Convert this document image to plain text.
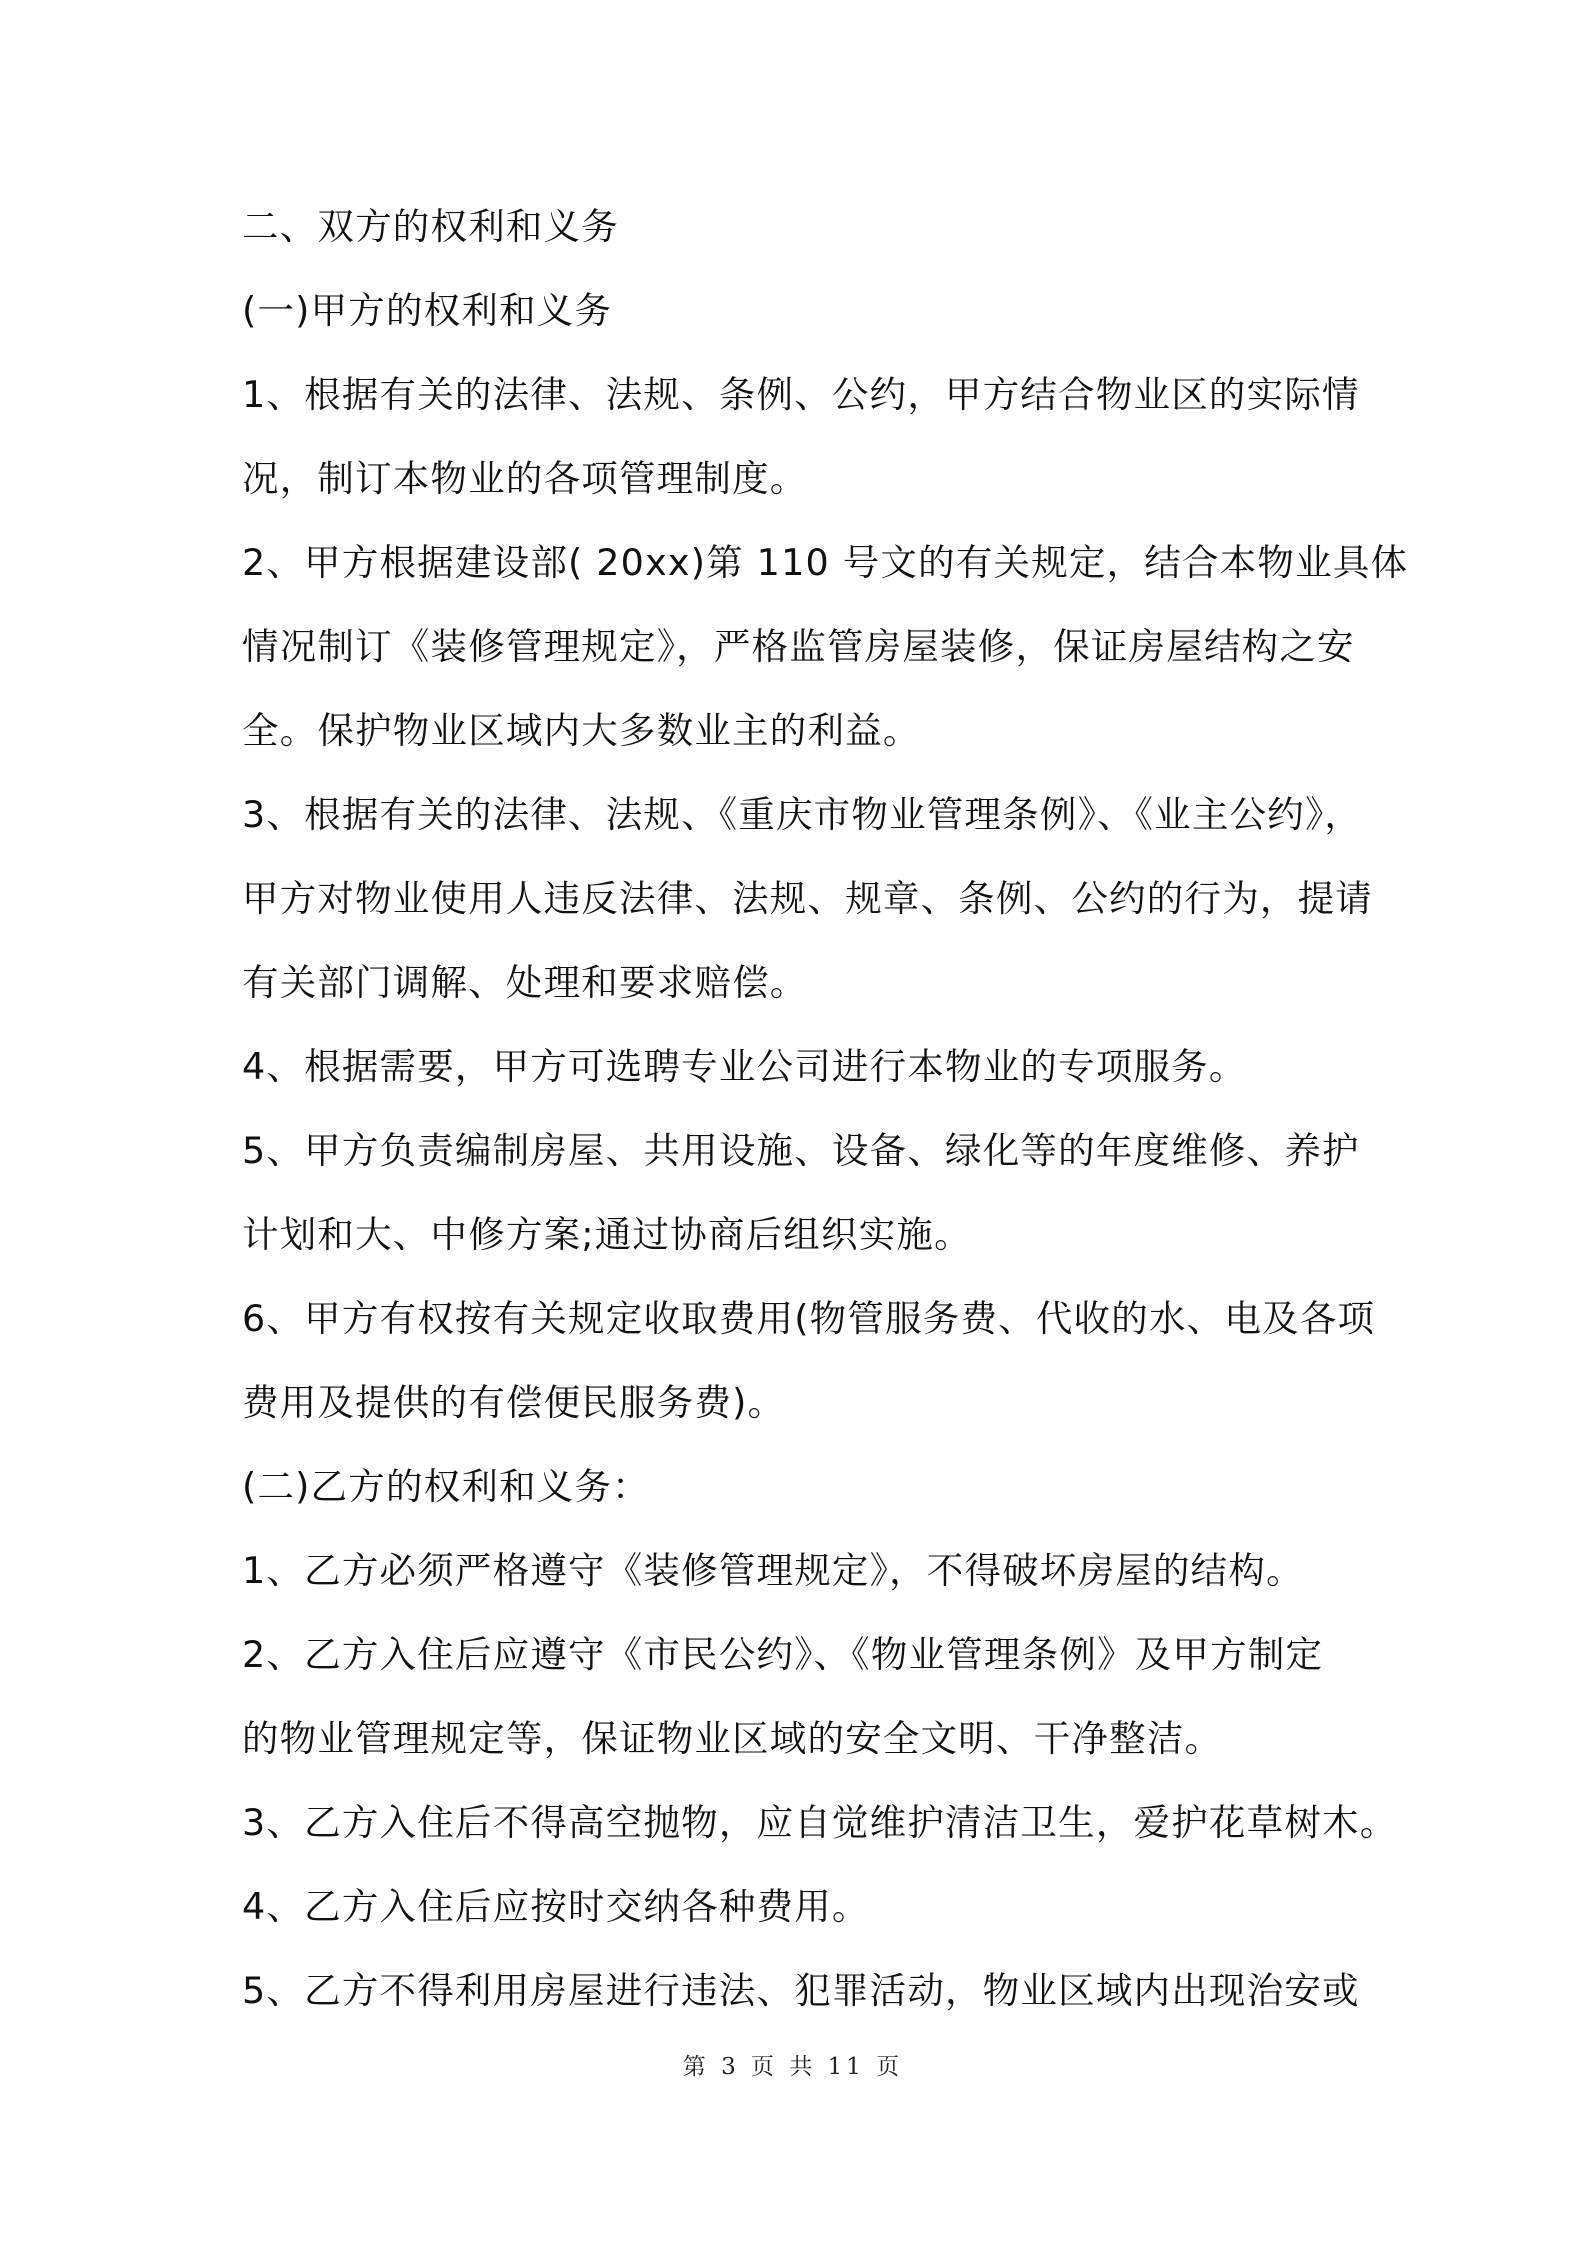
二、双方的权利和义务
(一)甲方的权利和义务
1、根据有关的法律、法规、条例、公约，甲方结合物业区的实际情
况，制订本物业的各项管理制度。
2、甲方根据建设部( 20xx)第 110 号文的有关规定，结合本物业具体
情况制订《装修管理规定》，严格监管房屋装修，保证房屋结构之安
全。保护物业区域内大多数业主的利益。
3、根据有关的法律、法规、《重庆市物业管理条例》、《业主公约》，
甲方对物业使用人违反法律、法规、规章、条例、公约的行为，提请
有关部门调解、处理和要求赔偿。
4、根据需要，甲方可选聘专业公司进行本物业的专项服务。
5、甲方负责编制房屋、共用设施、设备、绿化等的年度维修、养护
计划和大、中修方案;通过协商后组织实施。
6、甲方有权按有关规定收取费用(物管服务费、代收的水、电及各项
费用及提供的有偿便民服务费)。
(二)乙方的权利和义务：
1、乙方必须严格遵守《装修管理规定》，不得破坏房屋的结构。
2、乙方入住后应遵守《市民公约》、《物业管理条例》及甲方制定
的物业管理规定等，保证物业区域的安全文明、干净整洁。
3、乙方入住后不得高空抛物，应自觉维护清洁卫生，爱护花草树木。
4、乙方入住后应按时交纳各种费用。
5、乙方不得利用房屋进行违法、犯罪活动，物业区域内出现治安或
第 3 页 共 11 页
